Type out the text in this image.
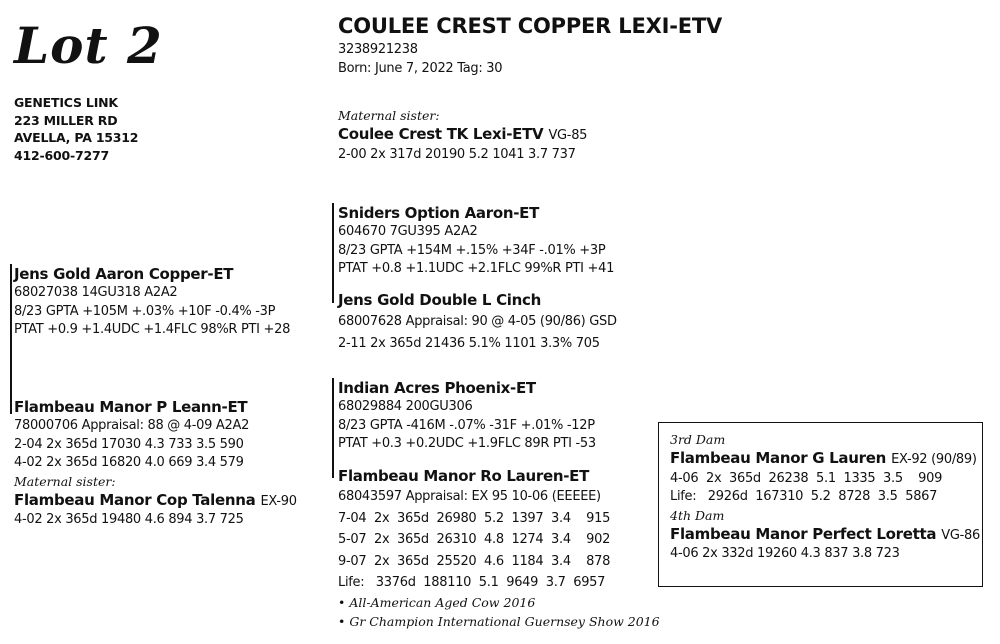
Lot 2
GENETICS LINK
223 MILLER RD
AVELLA, PA 15312
412-600-7277
COULEE CREST COPPER LEXI-ETV
3238921238
Born: June 7, 2022 Tag: 30
Maternal sister:
Coulee Crest TK Lexi-ETV VG-85
2-00 2x 317d 20190 5.2 1041 3.7 737
Jens Gold Aaron Copper-ET
68027038 14GU318 A2A2
8/23 GPTA +105M +.03% +10F -0.4% -3P
PTAT +0.9 +1.4UDC +1.4FLC 98%R PTI +28
Sniders Option Aaron-ET
604670 7GU395 A2A2
8/23 GPTA +154M +.15% +34F -.01% +3P
PTAT +0.8 +1.1UDC +2.1FLC 99%R PTI +41
Jens Gold Double L Cinch
68007628 Appraisal: 90 @ 4-05 (90/86) GSD
2-11 2x 365d 21436 5.1% 1101 3.3% 705
Flambeau Manor P Leann-ET
78000706 Appraisal: 88 @ 4-09 A2A2
2-04 2x 365d 17030 4.3 733 3.5 590
4-02 2x 365d 16820 4.0 669 3.4 579
Maternal sister:
Flambeau Manor Cop Talenna EX-90
4-02 2x 365d 19480 4.6 894 3.7 725
Indian Acres Phoenix-ET
68029884 200GU306
8/23 GPTA -416M -.07% -31F +.01% -12P
PTAT +0.3 +0.2UDC +1.9FLC 89R PTI -53
Flambeau Manor Ro Lauren-ET
68043597 Appraisal: EX 95 10-06 (EEEEE)
7-04  2x  365d  26980  5.2  1397  3.4    915
5-07  2x  365d  26310  4.8  1274  3.4    902
9-07  2x  365d  25520  4.6  1184  3.4    878
Life:   3376d  188110  5.1  9649  3.7  6957
• All-American Aged Cow 2016
• Gr Champion International Guernsey Show 2016
3rd Dam
Flambeau Manor G Lauren EX-92 (90/89)
4-06  2x  365d  26238  5.1  1335  3.5    909
Life:   2926d  167310  5.2  8728  3.5  5867
4th Dam
Flambeau Manor Perfect Loretta VG-86
4-06 2x 332d 19260 4.3 837 3.8 723
